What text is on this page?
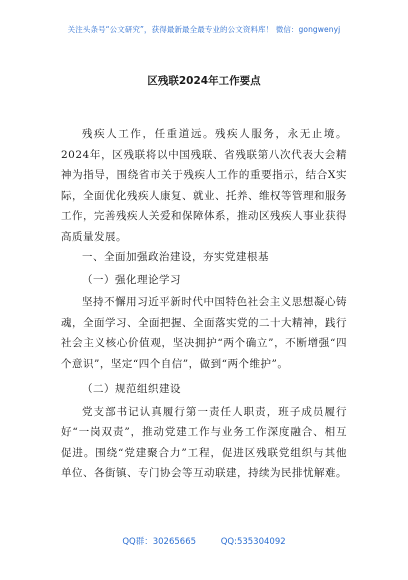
关注头条号“公文研究”，获得最新最全最专业的公文资料库！ 微信：gongwenyj
区残联2024年工作要点

残疾人工作，任重道远。残疾人服务，永无止境。2024年，区残联将以中国残联、省残联第八次代表大会精神为指导，围绕省市关于残疾人工作的重要指示，结合X实际，全面优化残疾人康复、就业、托养、维权等管理和服务工作，完善残疾人关爱和保障体系，推动区残疾人事业获得高质量发展。

一、全面加强政治建设，夯实党建根基

（一）强化理论学习

坚持不懈用习近平新时代中国特色社会主义思想凝心铸魂，全面学习、全面把握、全面落实党的二十大精神，践行社会主义核心价值观，坚决拥护“两个确立”，不断增强“四个意识”，坚定“四个自信”，做到“两个维护”。

（二）规范组织建设

党支部书记认真履行第一责任人职责，班子成员履行好“一岗双责”，推动党建工作与业务工作深度融合、相互促进。围绕“党建聚合力”工程，促进区残联党组织与其他单位、各街镇、专门协会等互动联建，持续为民排忧解难。

QQ群：30265665	QQ:535304092
